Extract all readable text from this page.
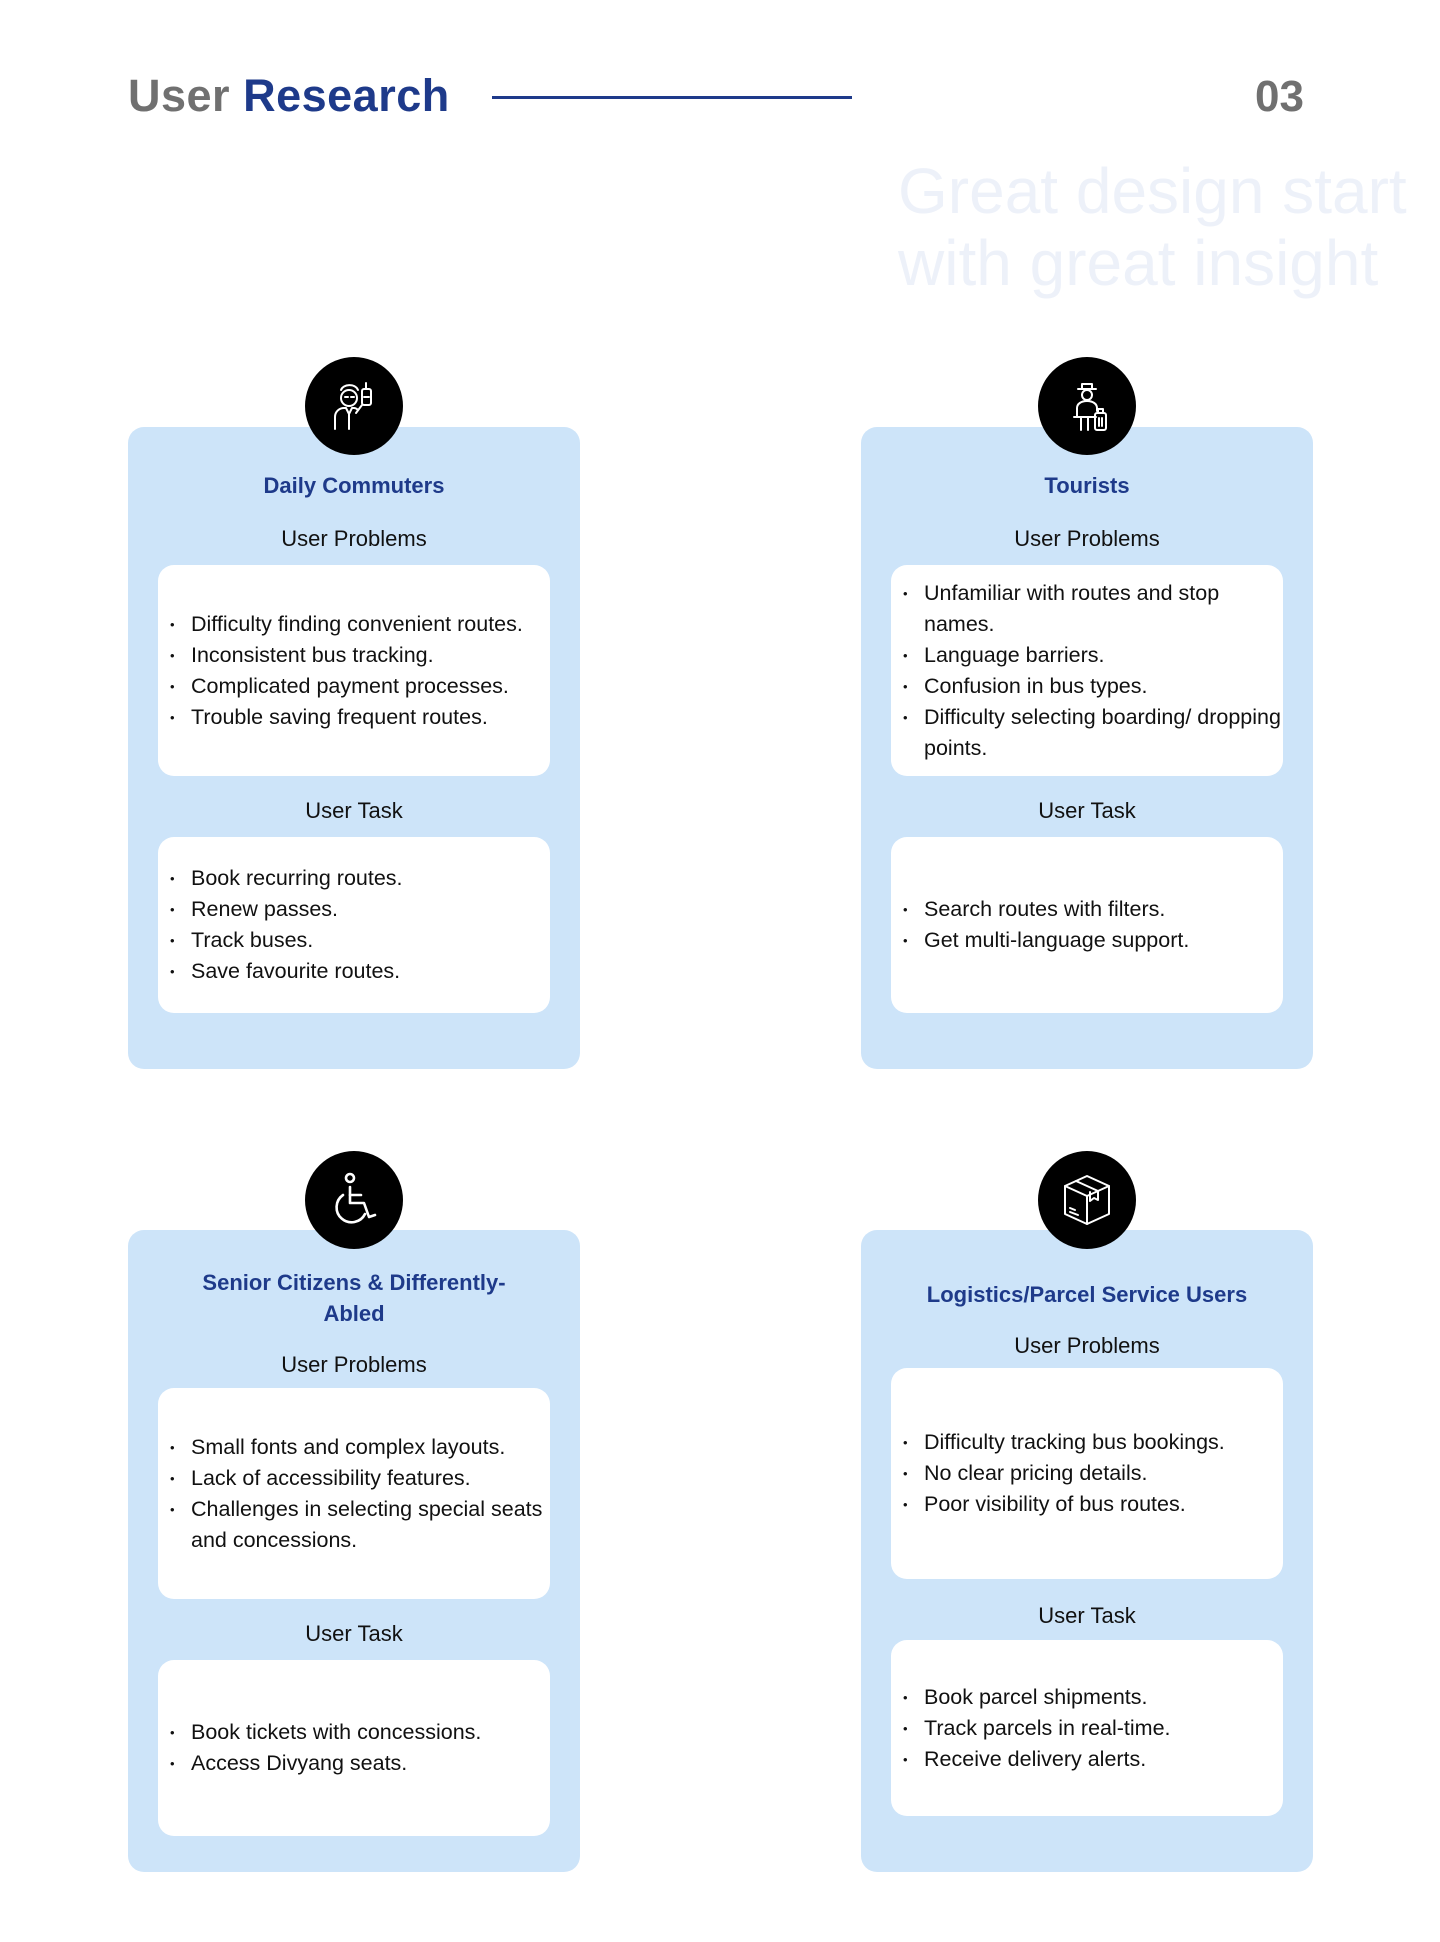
User Research	03
Great design start
with great insight
Daily Commuters
User Problems
• Difficulty finding convenient routes.
• Inconsistent bus tracking.
• Complicated payment processes.
• Trouble saving frequent routes.
User Task
• Book recurring routes.
• Renew passes.
• Track buses.
• Save favourite routes.
Tourists
User Problems
• Unfamiliar with routes and stop names.
• Language barriers.
• Confusion in bus types.
• Difficulty selecting boarding/ dropping points.
User Task
• Search routes with filters.
• Get multi-language support.
Senior Citizens & Differently-Abled
User Problems
• Small fonts and complex layouts.
• Lack of accessibility features.
• Challenges in selecting special seats and concessions.
User Task
• Book tickets with concessions.
• Access Divyang seats.
Logistics/Parcel Service Users
User Problems
• Difficulty tracking bus bookings.
• No clear pricing details.
• Poor visibility of bus routes.
User Task
• Book parcel shipments.
• Track parcels in real-time.
• Receive delivery alerts.
